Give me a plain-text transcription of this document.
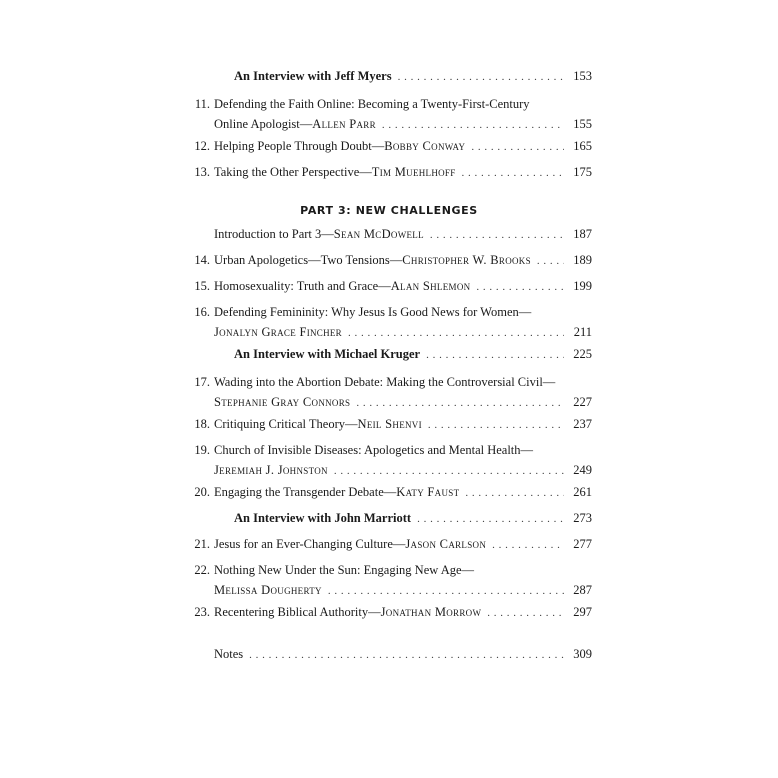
An Interview with Jeff Myers . . .	153
11. Defending the Faith Online: Becoming a Twenty-First-Century
Online Apologist—Allen Parr . . .	155
12. Helping People Through Doubt—Bobby Conway . . .	165
13. Taking the Other Perspective—Tim Muehlhoff . . .	175
PART 3: NEW CHALLENGES
Introduction to Part 3—Sean McDowell . . .	187
14. Urban Apologetics—Two Tensions—Christopher W. Brooks . . .	189
15. Homosexuality: Truth and Grace—Alan Shlemon . . .	199
16. Defending Femininity: Why Jesus Is Good News for Women—
Jonalyn Grace Fincher . . .	211
An Interview with Michael Kruger . . .	225
17. Wading into the Abortion Debate: Making the Controversial Civil—
Stephanie Gray Connors . . .	227
18. Critiquing Critical Theory—Neil Shenvi . . .	237
19. Church of Invisible Diseases: Apologetics and Mental Health—
Jeremiah J. Johnston . . .	249
20. Engaging the Transgender Debate—Katy Faust . . .	261
An Interview with John Marriott . . .	273
21. Jesus for an Ever-Changing Culture—Jason Carlson . . .	277
22. Nothing New Under the Sun: Engaging New Age—
Melissa Dougherty . . .	287
23. Recentering Biblical Authority—Jonathan Morrow . . .	297
Notes . . .	309
